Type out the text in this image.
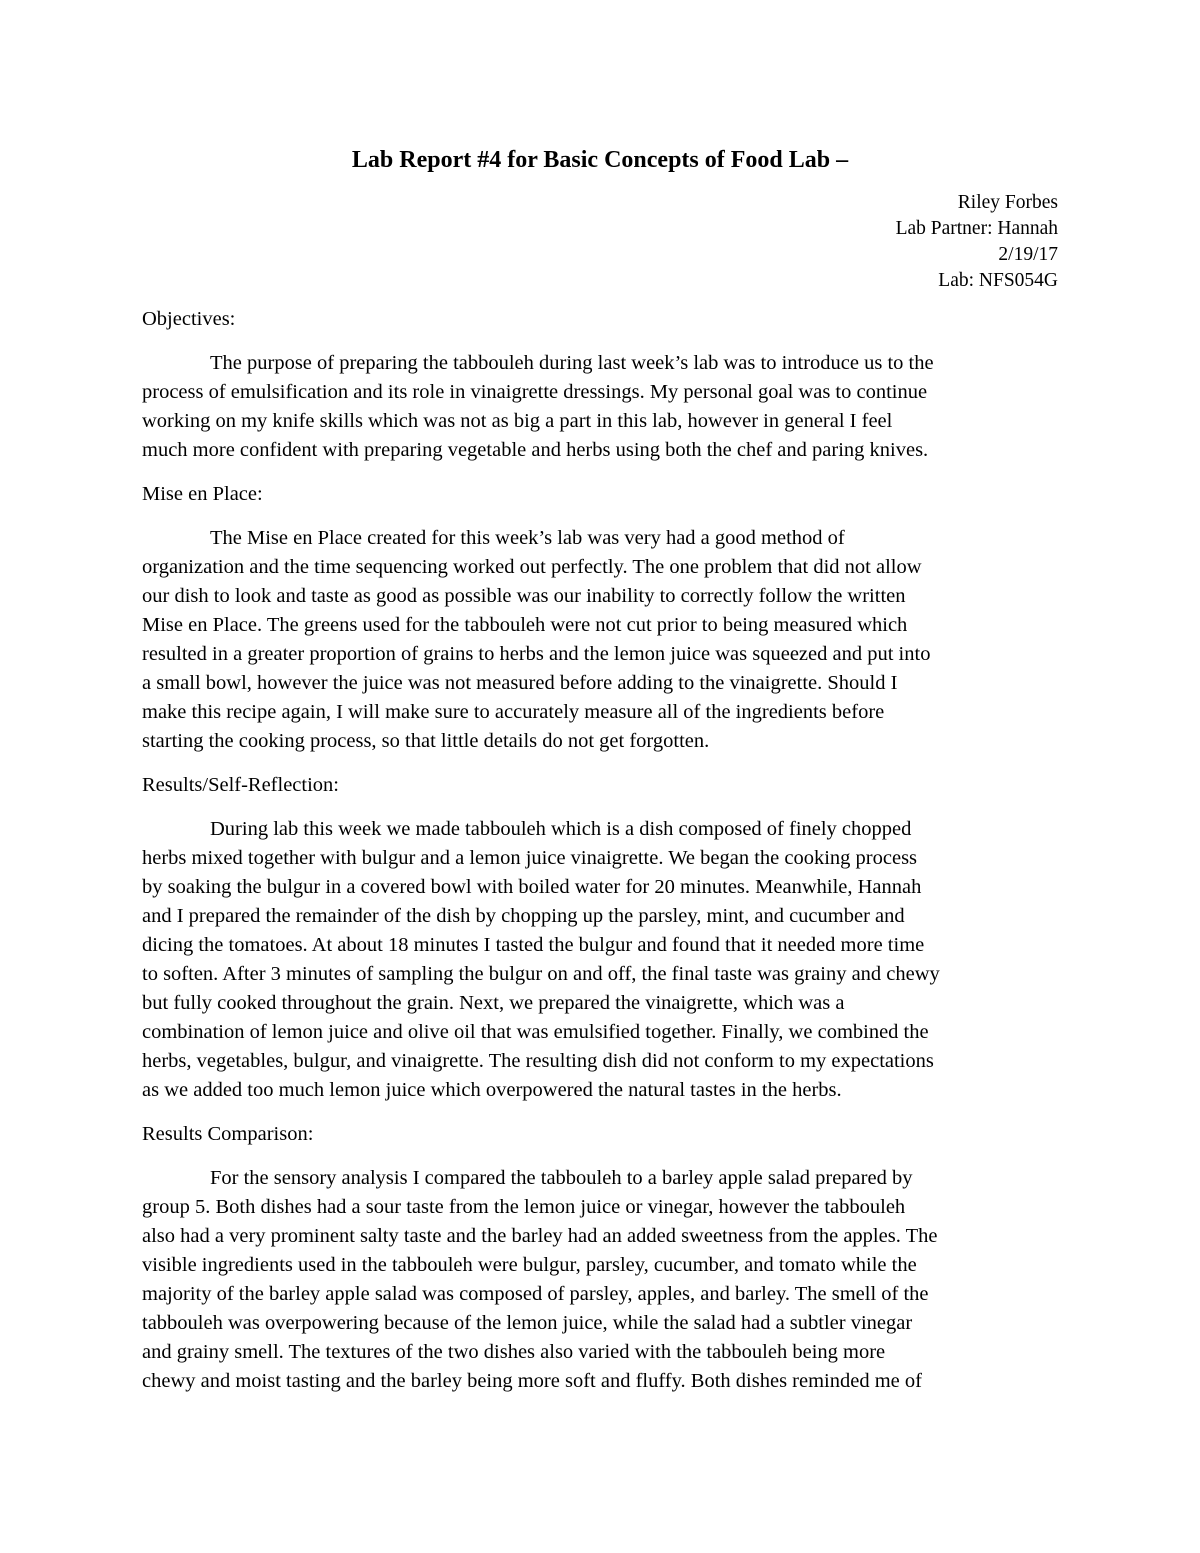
Lab Report #4 for Basic Concepts of Food Lab –
Riley Forbes
Lab Partner: Hannah
2/19/17
Lab: NFS054G
Objectives:

The purpose of preparing the tabbouleh during last week’s lab was to introduce us to the
process of emulsification and its role in vinaigrette dressings. My personal goal was to continue
working on my knife skills which was not as big a part in this lab, however in general I feel
much more confident with preparing vegetable and herbs using both the chef and paring knives.

Mise en Place:

The Mise en Place created for this week’s lab was very had a good method of
organization and the time sequencing worked out perfectly. The one problem that did not allow
our dish to look and taste as good as possible was our inability to correctly follow the written
Mise en Place. The greens used for the tabbouleh were not cut prior to being measured which
resulted in a greater proportion of grains to herbs and the lemon juice was squeezed and put into
a small bowl, however the juice was not measured before adding to the vinaigrette. Should I
make this recipe again, I will make sure to accurately measure all of the ingredients before
starting the cooking process, so that little details do not get forgotten.

Results/Self-Reflection:

During lab this week we made tabbouleh which is a dish composed of finely chopped
herbs mixed together with bulgur and a lemon juice vinaigrette. We began the cooking process
by soaking the bulgur in a covered bowl with boiled water for 20 minutes. Meanwhile, Hannah
and I prepared the remainder of the dish by chopping up the parsley, mint, and cucumber and
dicing the tomatoes. At about 18 minutes I tasted the bulgur and found that it needed more time
to soften. After 3 minutes of sampling the bulgur on and off, the final taste was grainy and chewy
but fully cooked throughout the grain. Next, we prepared the vinaigrette, which was a
combination of lemon juice and olive oil that was emulsified together. Finally, we combined the
herbs, vegetables, bulgur, and vinaigrette. The resulting dish did not conform to my expectations
as we added too much lemon juice which overpowered the natural tastes in the herbs.

Results Comparison:

For the sensory analysis I compared the tabbouleh to a barley apple salad prepared by
group 5. Both dishes had a sour taste from the lemon juice or vinegar, however the tabbouleh
also had a very prominent salty taste and the barley had an added sweetness from the apples. The
visible ingredients used in the tabbouleh were bulgur, parsley, cucumber, and tomato while the
majority of the barley apple salad was composed of parsley, apples, and barley. The smell of the
tabbouleh was overpowering because of the lemon juice, while the salad had a subtler vinegar
and grainy smell. The textures of the two dishes also varied with the tabbouleh being more
chewy and moist tasting and the barley being more soft and fluffy. Both dishes reminded me of
